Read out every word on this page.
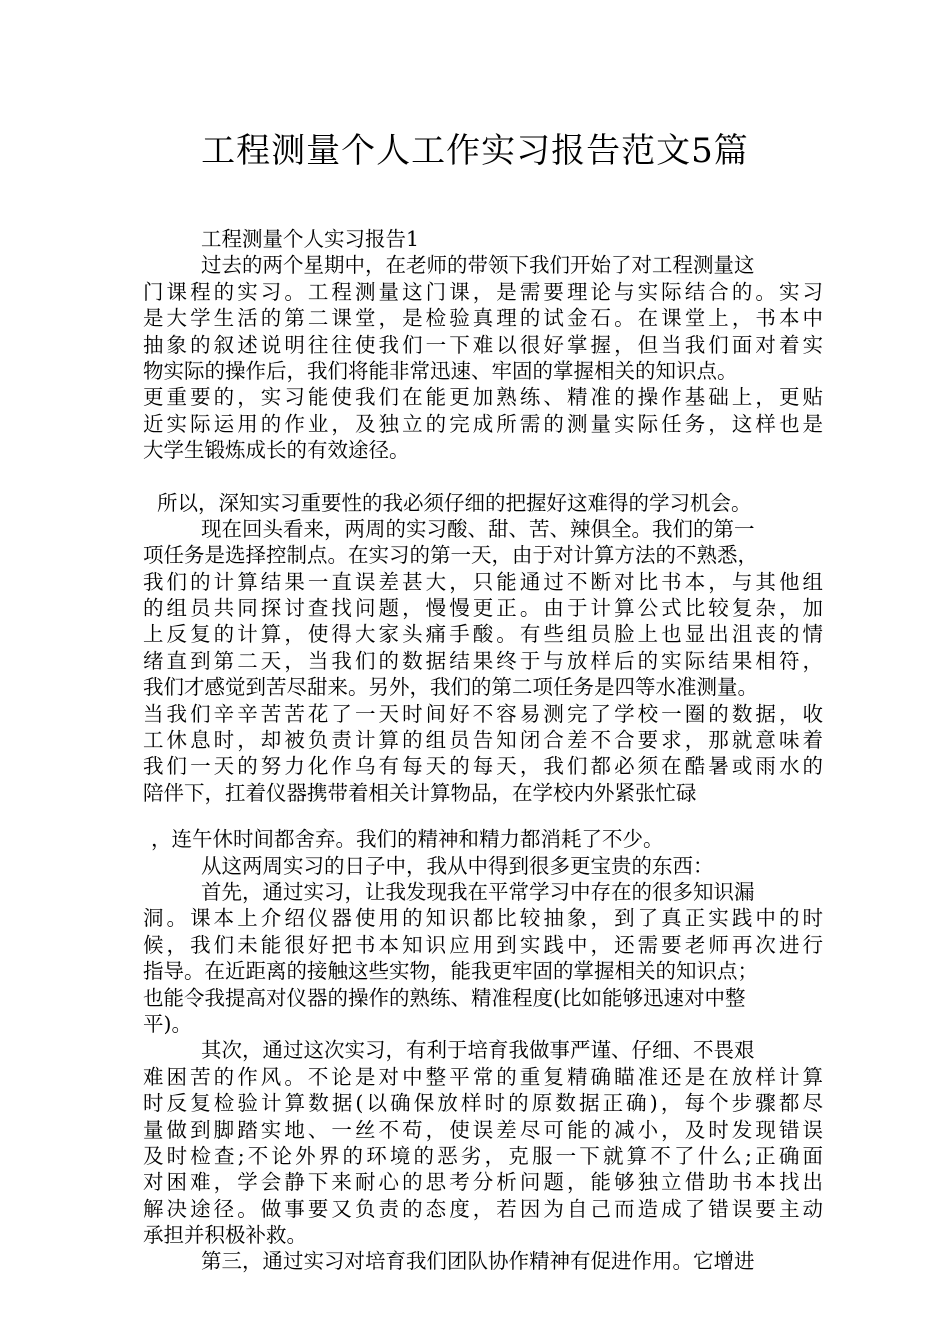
工程测量个人工作实习报告范文5篇
工程测量个人实习报告1
过去的两个星期中，在老师的带领下我们开始了对工程测量这
门课程的实习。工程测量这门课，是需要理论与实际结合的。实习
是大学生活的第二课堂，是检验真理的试金石。在课堂上，书本中
抽象的叙述说明往往使我们一下难以很好掌握，但当我们面对着实
物实际的操作后，我们将能非常迅速、牢固的掌握相关的知识点。
更重要的，实习能使我们在能更加熟练、精准的操作基础上，更贴
近实际运用的作业，及独立的完成所需的测量实际任务，这样也是
大学生锻炼成长的有效途径。
所以，深知实习重要性的我必须仔细的把握好这难得的学习机会。
现在回头看来，两周的实习酸、甜、苦、辣俱全。我们的第一
项任务是选择控制点。在实习的第一天，由于对计算方法的不熟悉，
我们的计算结果一直误差甚大，只能通过不断对比书本，与其他组
的组员共同探讨查找问题，慢慢更正。由于计算公式比较复杂，加
上反复的计算，使得大家头痛手酸。有些组员脸上也显出沮丧的情
绪直到第二天，当我们的数据结果终于与放样后的实际结果相符，
我们才感觉到苦尽甜来。另外，我们的第二项任务是四等水准测量。
当我们辛辛苦苦花了一天时间好不容易测完了学校一圈的数据，收
工休息时，却被负责计算的组员告知闭合差不合要求，那就意味着
我们一天的努力化作乌有每天的每天，我们都必须在酷暑或雨水的
陪伴下，扛着仪器携带着相关计算物品，在学校内外紧张忙碌
，连午休时间都舍弃。我们的精神和精力都消耗了不少。
从这两周实习的日子中，我从中得到很多更宝贵的东西：
首先，通过实习，让我发现我在平常学习中存在的很多知识漏
洞。课本上介绍仪器使用的知识都比较抽象，到了真正实践中的时
候，我们未能很好把书本知识应用到实践中，还需要老师再次进行
指导。在近距离的接触这些实物，能我更牢固的掌握相关的知识点；
也能令我提高对仪器的操作的熟练、精准程度(比如能够迅速对中整
平)。
其次，通过这次实习，有利于培育我做事严谨、仔细、不畏艰
难困苦的作风。不论是对中整平常的重复精确瞄准还是在放样计算
时反复检验计算数据(以确保放样时的原数据正确)，每个步骤都尽
量做到脚踏实地、一丝不苟，使误差尽可能的减小，及时发现错误
及时检查;不论外界的环境的恶劣，克服一下就算不了什么;正确面
对困难，学会静下来耐心的思考分析问题，能够独立借助书本找出
解决途径。做事要又负责的态度，若因为自己而造成了错误要主动
承担并积极补救。
第三，通过实习对培育我们团队协作精神有促进作用。它增进
